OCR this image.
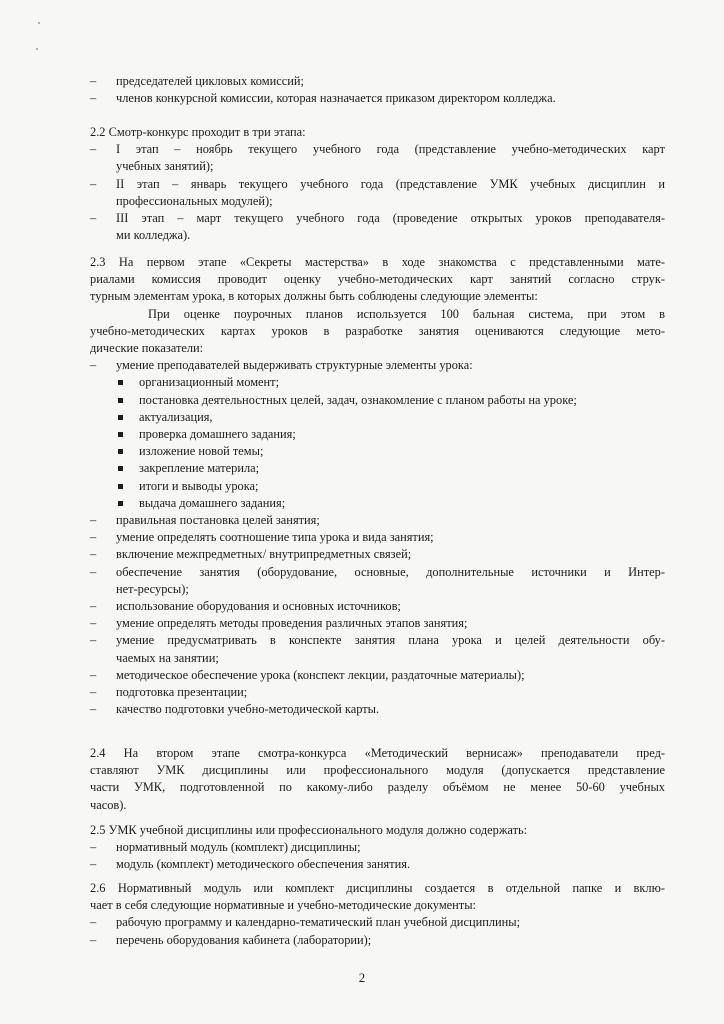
– председателей цикловых комиссий;
– членов конкурсной комиссии, которая назначается приказом директором колледжа.
2.2 Смотр-конкурс проходит в три этапа:
– I этап – ноябрь текущего учебного года (представление учебно-методических карт
учебных занятий);
– II этап – январь текущего учебного года (представление УМК учебных дисциплин и
профессиональных модулей);
– III этап – март текущего учебного года (проведение открытых уроков преподавателя-
ми колледжа).
2.3 На первом этапе «Секреты мастерства» в ходе знакомства с представленными мате-
риалами комиссия проводит оценку учебно-методических карт занятий согласно струк-
турным элементам урока, в которых должны быть соблюдены следующие элементы:
При оценке поурочных планов используется 100 бальная система, при этом в
учебно-методических картах уроков в разработке занятия оцениваются следующие мето-
дические показатели:
– умение преподавателей выдерживать структурные элементы урока:
организационный момент;
постановка деятельностных целей, задач, ознакомление с планом работы на уроке;
актуализация,
проверка домашнего задания;
изложение новой темы;
закрепление материла;
итоги и выводы урока;
выдача домашнего задания;
– правильная постановка целей занятия;
– умение определять соотношение типа урока и вида занятия;
– включение межпредметных/ внутрипредметных связей;
– обеспечение занятия (оборудование, основные, дополнительные источники и Интер-
нет-ресурсы);
– использование оборудования и основных источников;
– умение определять методы проведения различных этапов занятия;
– умение предусматривать в конспекте занятия плана урока и целей деятельности обу-
чаемых на занятии;
– методическое обеспечение урока (конспект лекции, раздаточные материалы);
– подготовка презентации;
– качество подготовки учебно-методической карты.
2.4 На втором этапе смотра-конкурса «Методический вернисаж» преподаватели пред-
ставляют УМК дисциплины или профессионального модуля (допускается представление
части УМК, подготовленной по какому-либо разделу объёмом не менее 50-60 учебных
часов).
2.5 УМК учебной дисциплины или профессионального модуля должно содержать:
– нормативный модуль (комплект) дисциплины;
– модуль (комплект) методического обеспечения занятия.
2.6 Нормативный модуль или комплект дисциплины создается в отдельной папке и вклю-
чает в себя следующие нормативные и учебно-методические документы:
– рабочую программу и календарно-тематический план учебной дисциплины;
– перечень оборудования кабинета (лаборатории);
2
